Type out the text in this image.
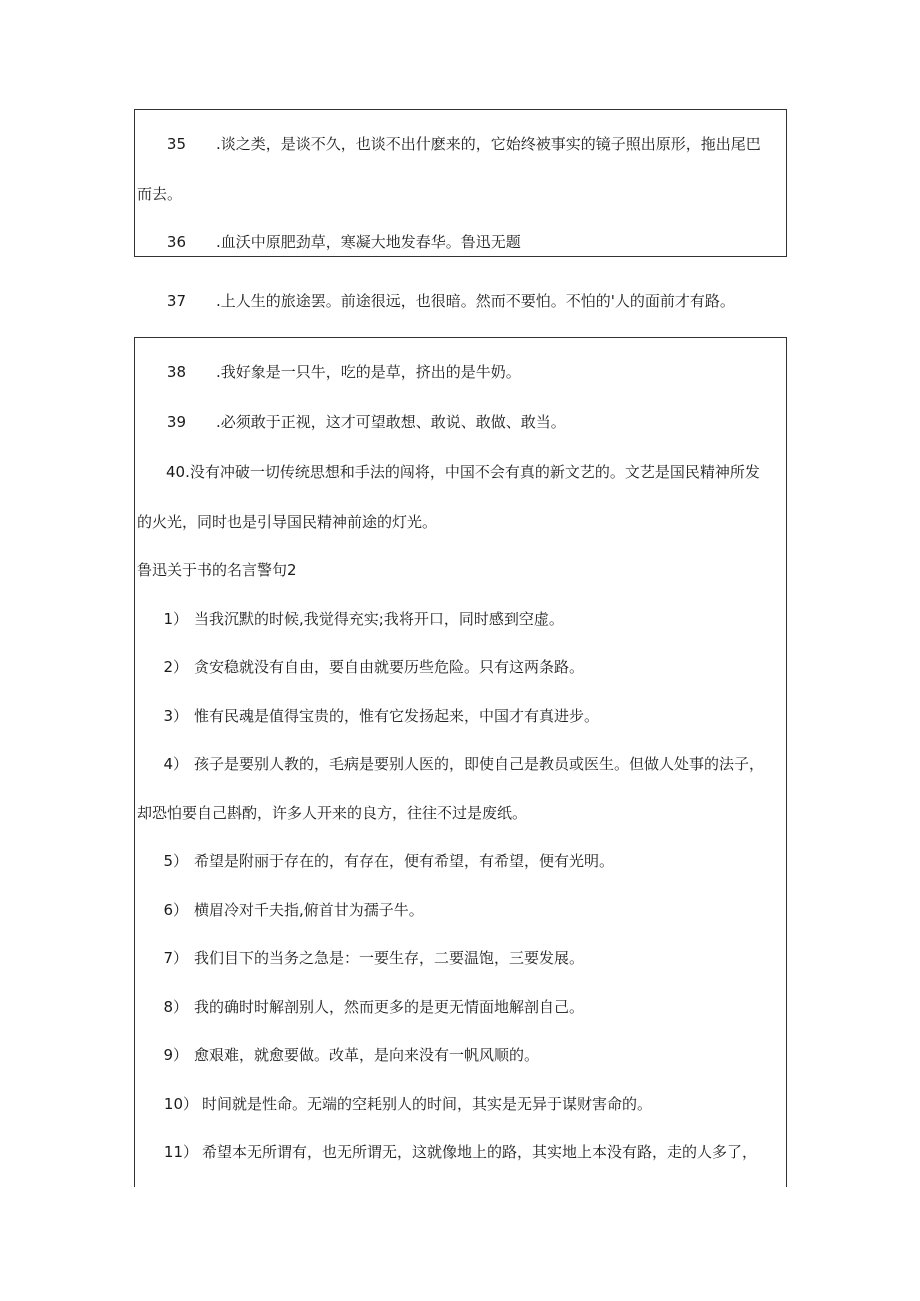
35 .谈之类，是谈不久，也谈不出什麽来的，它始终被事实的镜子照出原形，拖出尾巴
而去。
36 .血沃中原肥劲草，寒凝大地发春华。鲁迅无题
37 .上人生的旅途罢。前途很远，也很暗。然而不要怕。不怕的'人的面前才有路。
38 .我好象是一只牛，吃的是草，挤出的是牛奶。
39 .必须敢于正视，这才可望敢想、敢说、敢做、敢当。
40.没有冲破一切传统思想和手法的闯将，中国不会有真的新文艺的。文艺是国民精神所发
的火光，同时也是引导国民精神前途的灯光。
鲁迅关于书的名言警句2
1） 当我沉默的时候,我觉得充实;我将开口，同时感到空虚。
2） 贪安稳就没有自由，要自由就要历些危险。只有这两条路。
3） 惟有民魂是值得宝贵的，惟有它发扬起来，中国才有真进步。
4） 孩子是要别人教的，毛病是要别人医的，即使自己是教员或医生。但做人处事的法子，
却恐怕要自己斟酌，许多人开来的良方，往往不过是废纸。
5） 希望是附丽于存在的，有存在，便有希望，有希望，便有光明。
6） 横眉冷对千夫指,俯首甘为孺子牛。
7） 我们目下的当务之急是：一要生存，二要温饱，三要发展。
8） 我的确时时解剖别人，然而更多的是更无情面地解剖自己。
9） 愈艰难，就愈要做。改革，是向来没有一帆风顺的。
10） 时间就是性命。无端的空耗别人的时间，其实是无异于谋财害命的。
11） 希望本无所谓有，也无所谓无，这就像地上的路，其实地上本没有路，走的人多了，
